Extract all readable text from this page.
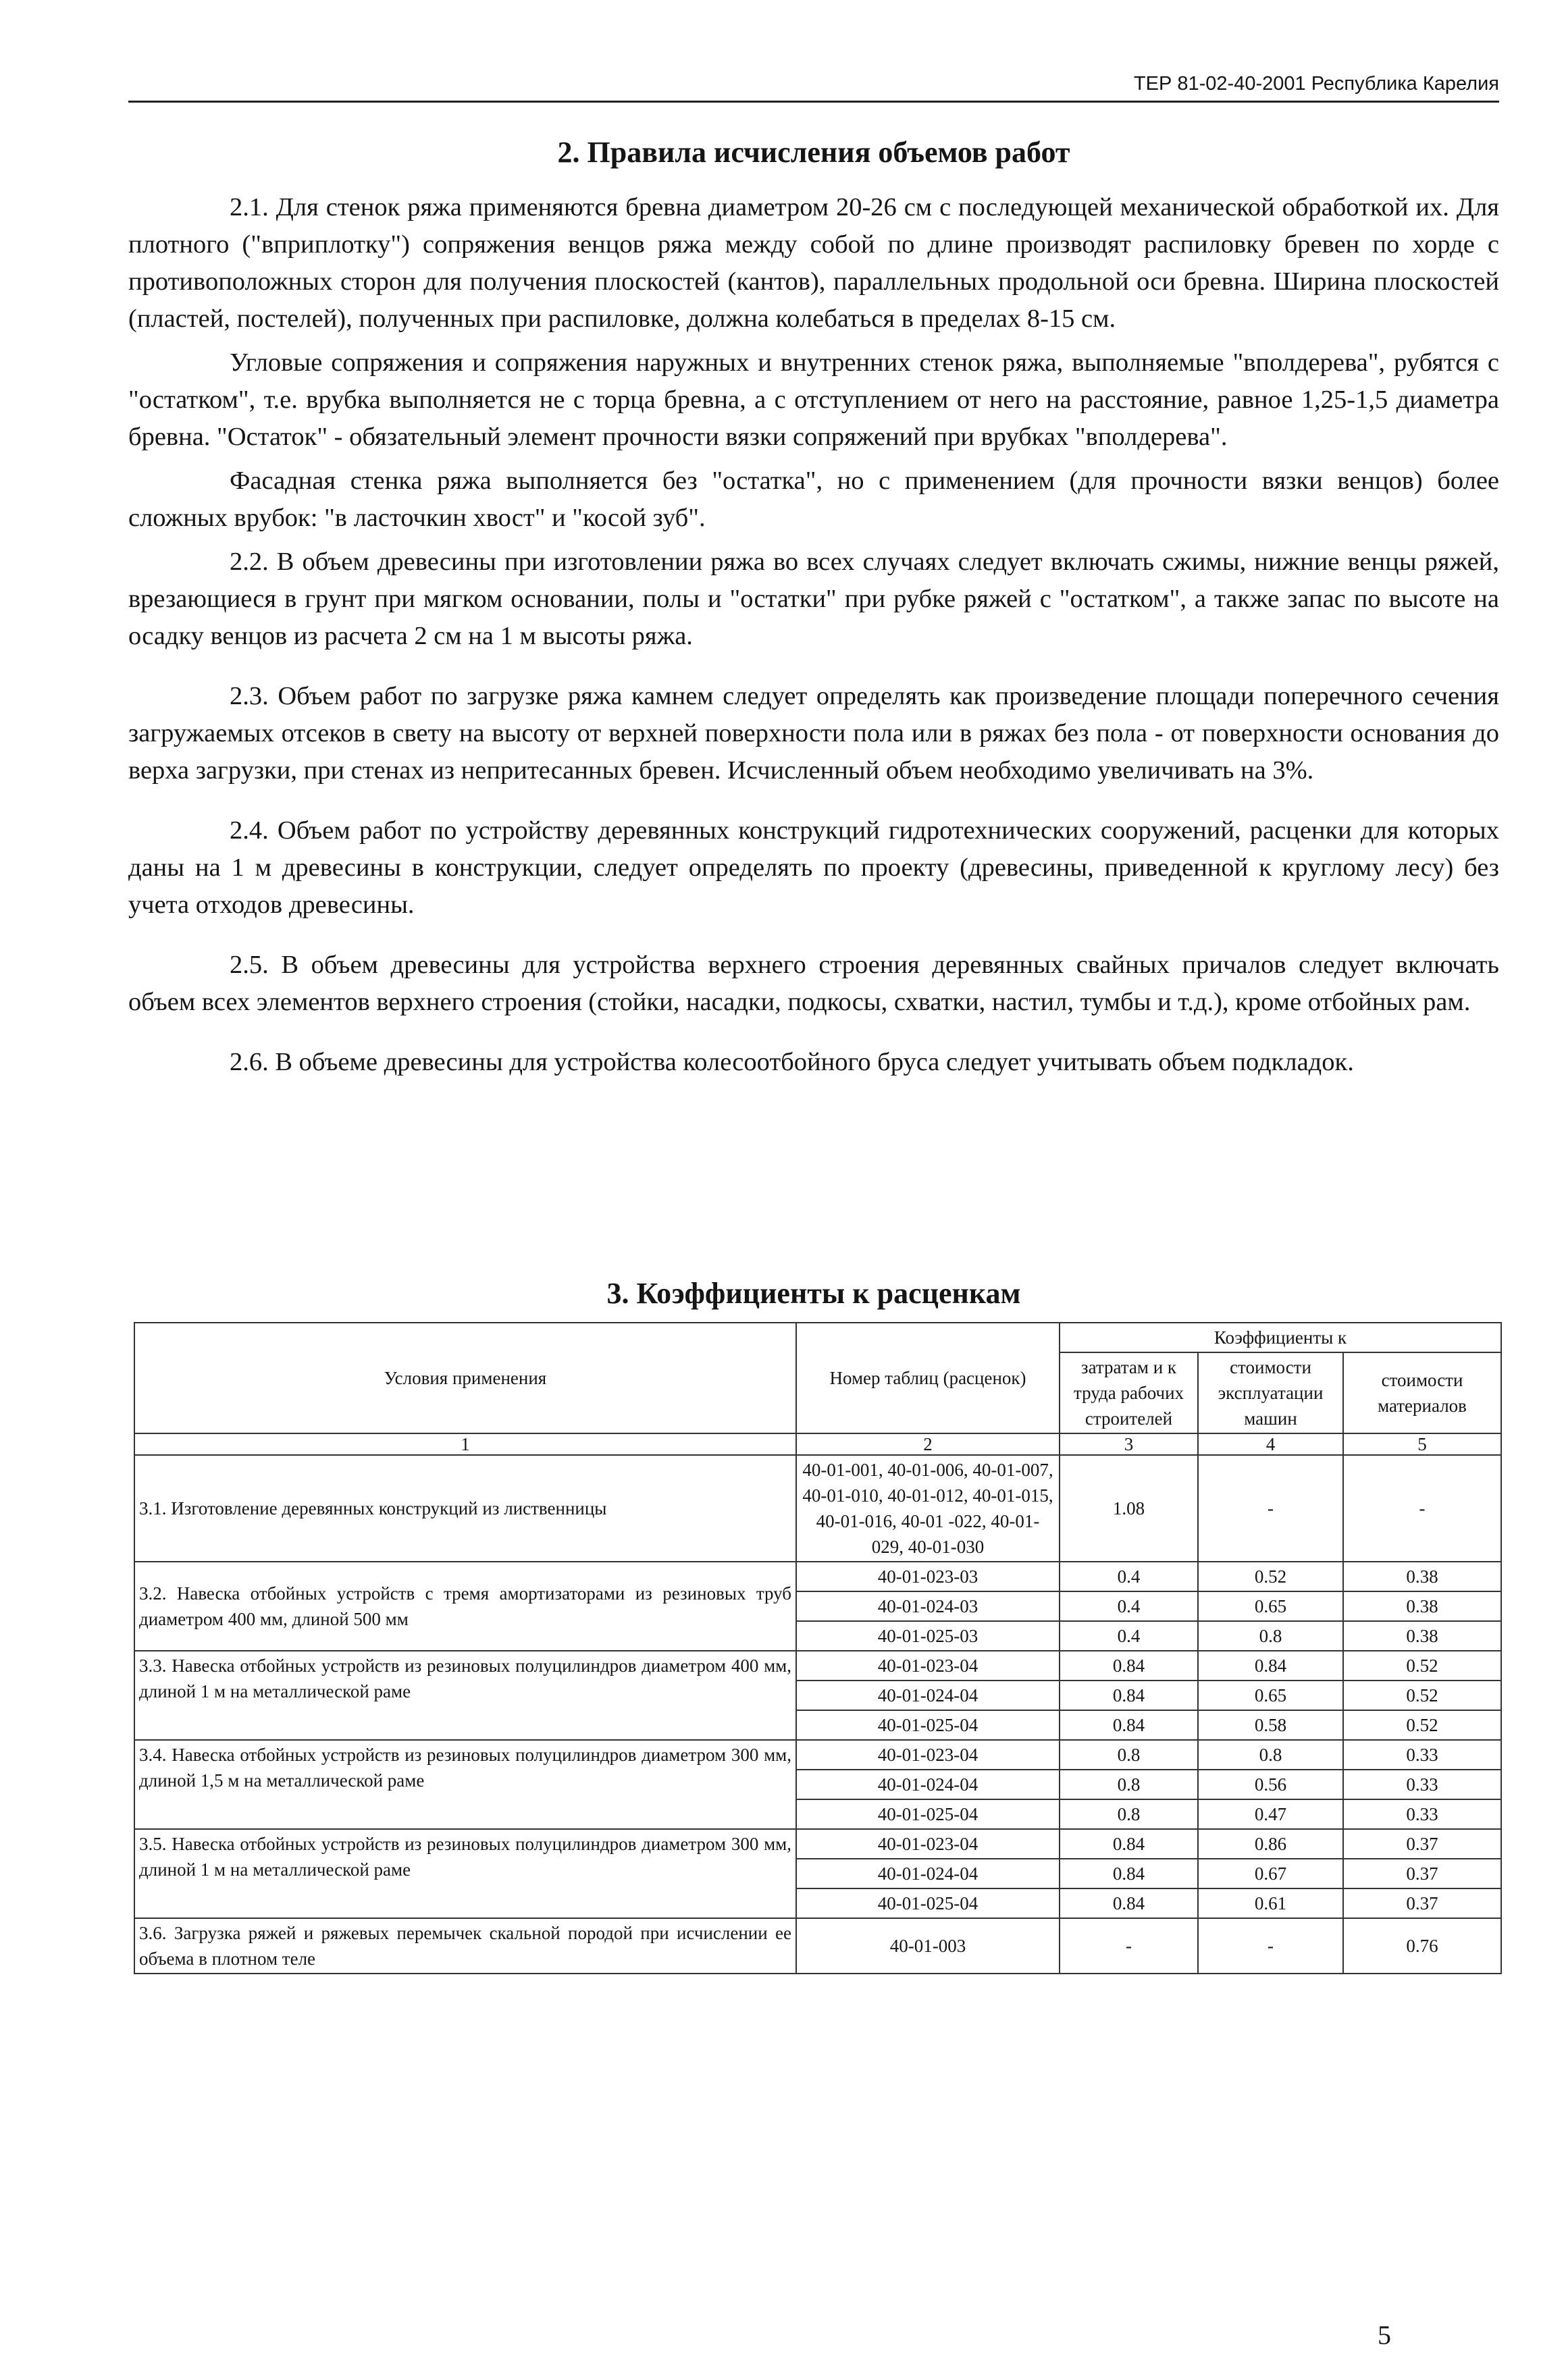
ТЕР 81-02-40-2001 Республика Карелия
2. Правила исчисления объемов работ

2.1. Для стенок ряжа применяются бревна диаметром 20-26 см с последующей механической обработкой их. Для плотного ("вприплотку") сопряжения венцов ряжа между собой по длине производят распиловку бревен по хорде с противоположных сторон для получения плоскостей (кантов), параллельных продольной оси бревна. Ширина плоскостей (пластей, постелей), полученных при распиловке, должна колебаться в пределах 8-15 см.

Угловые сопряжения и сопряжения наружных и внутренних стенок ряжа, выполняемые "вполдерева", рубятся с "остатком", т.е. врубка выполняется не с торца бревна, а с отступлением от него на расстояние, равное 1,25-1,5 диаметра бревна. "Остаток" - обязательный элемент прочности вязки сопряжений при врубках "вполдерева".

Фасадная стенка ряжа выполняется без "остатка", но с применением (для прочности вязки венцов) более сложных врубок: "в ласточкин хвост" и "косой зуб".

2.2. В объем древесины при изготовлении ряжа во всех случаях следует включать сжимы, нижние венцы ряжей, врезающиеся в грунт при мягком основании, полы и "остатки" при рубке ряжей с "остатком", а также запас по высоте на осадку венцов из расчета 2 см на 1 м высоты ряжа.

2.3. Объем работ по загрузке ряжа камнем следует определять как произведение площади поперечного сечения загружаемых отсеков в свету на высоту от верхней поверхности пола или в ряжах без пола - от поверхности основания до верха загрузки, при стенах из непритесанных бревен. Исчисленный объем необходимо увеличивать на 3%.

2.4. Объем работ по устройству деревянных конструкций гидротехнических сооружений, расценки для которых даны на 1 м древесины в конструкции, следует определять по проекту (древесины, приведенной к круглому лесу) без учета отходов древесины.

2.5. В объем древесины для устройства верхнего строения деревянных свайных причалов следует включать объем всех элементов верхнего строения (стойки, насадки, подкосы, схватки, настил, тумбы и т.д.), кроме отбойных рам.

2.6. В объеме древесины для устройства колесоотбойного бруса следует учитывать объем подкладок.

3. Коэффициенты к расценкам
Условия применения	Номер таблиц (расценок)	Коэффициенты к		
		затратам и к труда рабочих строителей	стоимости эксплуатации машин	стоимости материалов
1	2	3	4	5
3.1. Изготовление деревянных конструкций из лиственницы	40-01-001, 40-01-006, 40-01-007, 40-01-010, 40-01-012, 40-01-015, 40-01-016, 40-01 -022, 40-01-029, 40-01-030	1.08	-	-
3.2. Навеска отбойных устройств с тремя амортизаторами из резиновых труб диаметром 400 мм, длиной 500 мм	40-01-023-03	0.4	0.52	0.38
	40-01-024-03	0.4	0.65	0.38
	40-01-025-03	0.4	0.8	0.38
3.3. Навеска отбойных устройств из резиновых полуцилиндров диаметром 400 мм, длиной 1 м на металлической раме	40-01-023-04	0.84	0.84	0.52
	40-01-024-04	0.84	0.65	0.52
	40-01-025-04	0.84	0.58	0.52
3.4. Навеска отбойных устройств из резиновых полуцилиндров диаметром 300 мм, длиной 1,5 м на металлической раме	40-01-023-04	0.8	0.8	0.33
	40-01-024-04	0.8	0.56	0.33
	40-01-025-04	0.8	0.47	0.33
3.5. Навеска отбойных устройств из резиновых полуцилиндров диаметром 300 мм, длиной 1 м на металлической раме	40-01-023-04	0.84	0.86	0.37
	40-01-024-04	0.84	0.67	0.37
	40-01-025-04	0.84	0.61	0.37
3.6. Загрузка ряжей и ряжевых перемычек скальной породой при исчислении ее объема в плотном теле	40-01-003	-	-	0.76
5
